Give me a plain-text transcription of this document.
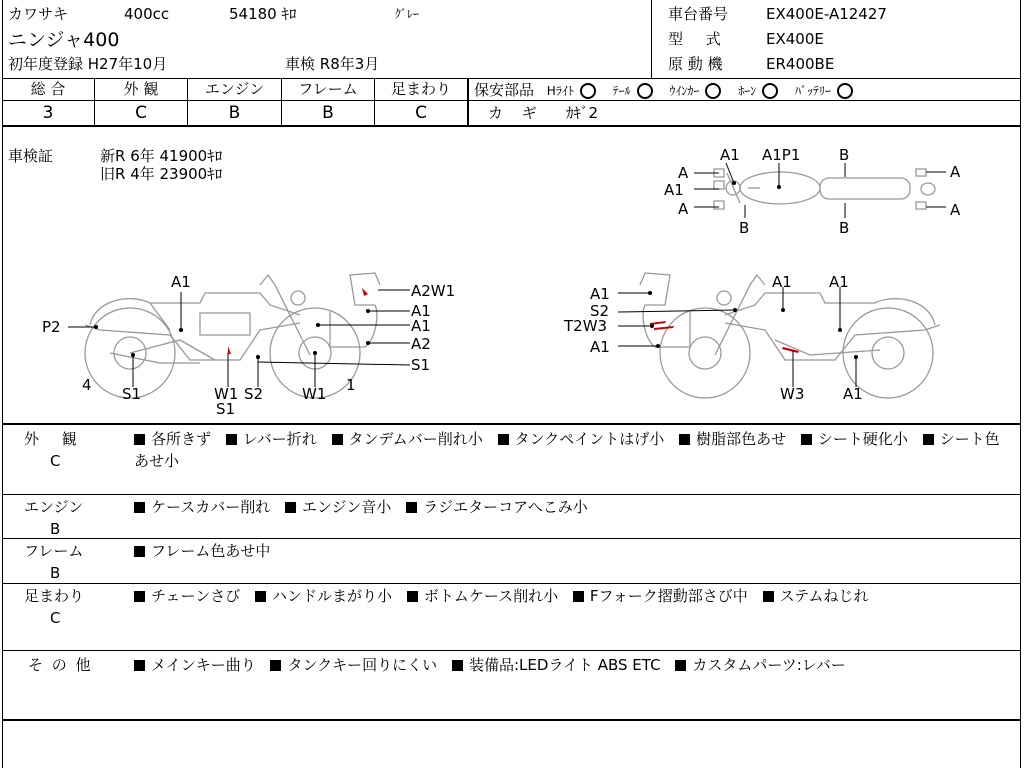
カワサキ	400cc	54180 ｷﾛ	ｸﾞﾚｰ
ニンジャ400
初年度登録 H27年10月	車検 R8年3月
車台番号	EX400E-A12427
型 式	EX400E
原 動 機	ER400BE
総 合	外 観	エンジン	フレーム	足まわり
3	C	B	B	C
保安部品 Hﾗｲﾄ	ﾃｰﾙ	ｳｲﾝｶｰ	ﾎｰﾝ	ﾊﾞｯﾃﾘｰ
カ ギ ｶｷﾞ2
車検証	新R 6年 41900ｷﾛ
旧R 4年 23900ｷﾛ
A1 A1P1	B
A
A1
A
B	B
A
A
A1	A2W1
P2
A1
A1
A2
S1
4	1
S1	W1 S2	W1
S1
A1
A1 A1
S2
T2W3
A1
W3	A1
外 観
C
各所きず レバー折れ タンデムバー削れ小 タンクペイントはげ小 樹脂部色あせ シート硬化小 シート色あせ小
エンジン
B
ケースカバー削れ エンジン音小 ラジエターコアへこみ小
フレーム
B
フレーム色あせ中
足まわり
C
チェーンさび ハンドルまがり小 ボトムケース削れ小 Fフォーク摺動部さび中 ステムねじれ
そ の 他	メインキー曲り タンクキー回りにくい 装備品:LEDライト ABS ETC カスタムパーツ:レバー
